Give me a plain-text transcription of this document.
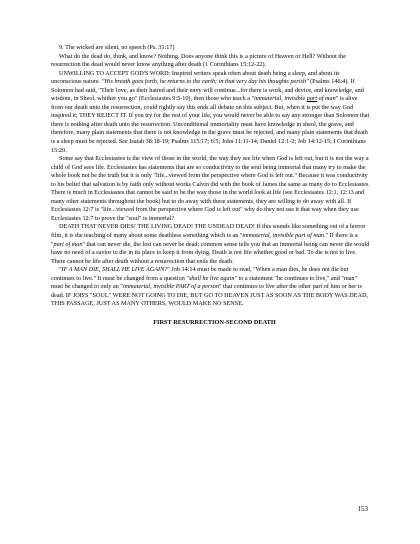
9. The wicked are silent, no speech (Ps. 31:17)

What do the dead do, think, and know? Nothing. Does anyone think this is a picture of Heaven or Hell? Without the resurrection the dead would never know anything after death (1 Corinthians 15:12-22).

UNWILLING TO ACCEPT GOD'S WORD: Inspired writers speak often about death being a sleep, and about its unconscious nature. "His breath goes forth, he returns to the earth; in that very day his thoughts perish" (Psalms 146:4). If Solomon had said, "Their love, as their hatred and their envy will continue...for there is work, and device, and knowledge, and wisdom, in Sheol, whither you go" (Ecclesiastes 9:5-10), then those who teach a "immaterial, invisible part of man" is alive from our death unto the resurrection, could rightly say this ends all debate on this subject. But, when it is put the way God inspired it; THEY REJECT IT. If you try for the rest of your life, you would never be able to say any stronger than Solomon that there is nothing after death unto the resurrection. Unconditional immortality must have knowledge in sheol, the grave, and therefore, many plain statements that there is not knowledge in the grave must be rejected, and many plain statements that death is a sleep must be rejected. See Isaiah 38:18-19; Psalms 115:17; 6:5; John 11:11-14; Daniel 12:1-2; Job 14:12-15; I Corinthians 15:20.

Some say that Ecclesiastes is the view of those in the world, the way they see life when God is left out, but it is not the way a child of God sees life. Ecclesiastes has statements that are so conductivity to the soul being immortal that many try to make the whole book not be the truth but it is only "life...viewed from the perspective where God is left out." Because it was conductivity to his belief that salvation is by faith only without works Calvin did with the book of James the same as many do to Ecclesiastes. There is much in Ecclesiastes that cannot be said to be the way those in the world look at life (see Ecclesiastes 12:1, 12:13 and many other statements throughout the book) but to do away with these statements, they are willing to do away with all. If Ecclesiastes 12:7 is "life...viewed from the perspective where God is left out" why do they not use it that way when they use Ecclesiastes 12:7 to prove the "soul" is immortal?

DEATH THAT NEVER DIES! THE LIVING DEAD! THE UNDEAD DEAD! If this sounds like something out of a horror film, it is the teaching of many about some deathless something which is an "immaterial, invisible part of man." If there is a "part of man" that can never die, the lost can never be dead; common sense tells you that an immortal being can never die would have no need of a savior to die in its place to keep it from dying. Death is not life whether good or bad. To die is not to live. There cannot be life after death without a resurrection that ends the death.

"IF A MAN DIE, SHALL HE LIVE AGAIN?" Job 14:14 must be made to read, "When a man dies, he does not die but continues to live." It must be changed from a question "shall he live again" to a statement "he continues to live," and "man" must be changed to only an "immaterial, invisible PART of a person" that continues to live after the other part of him or her is dead. IF JOB'S "SOUL" WERE NOT GOING TO DIE, BUT GO TO HEAVEN JUST AS SOON AS THE BODY WAS DEAD, THIS PASSAGE, JUST AS MANY OTHERS, WOULD MAKE NO SENSE.

FIRST RESURRECTION-SECOND DEATH

153
